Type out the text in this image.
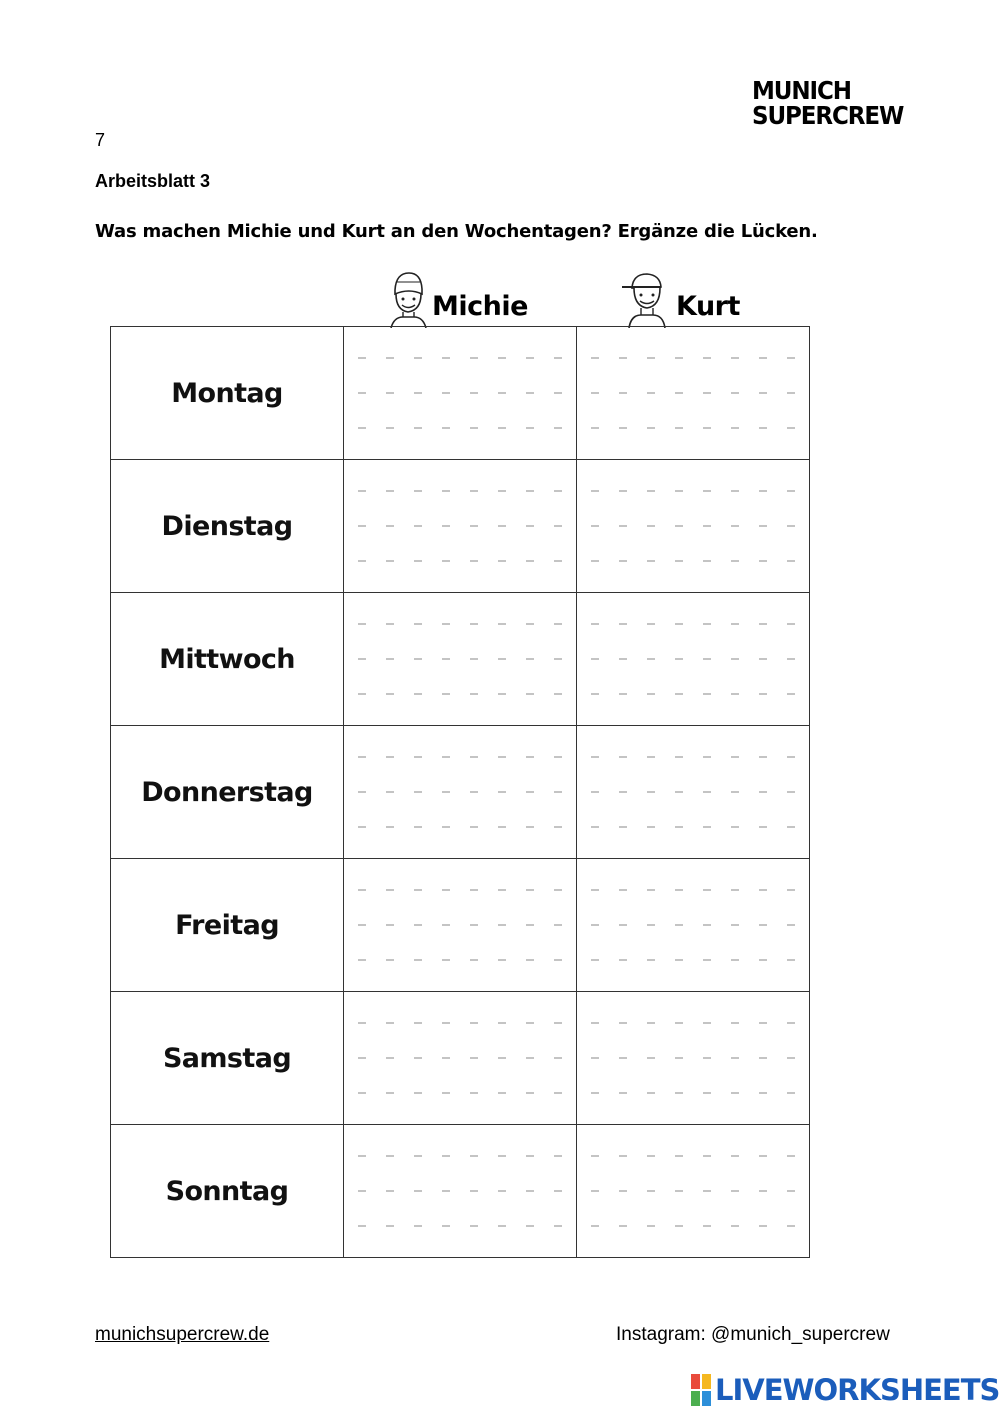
MUNICH
SUPERCREW
7
Arbeitsblatt 3
Was machen Michie und Kurt an den Wochentagen? Ergänze die Lücken.
Michie	Kurt
Montag	

Dienstag	

Mittwoch	

Donnerstag	

Freitag	

Samstag	

Sonntag	

munichsupercrew.de	Instagram: @munich_supercrew
LIVEWORKSHEETS
